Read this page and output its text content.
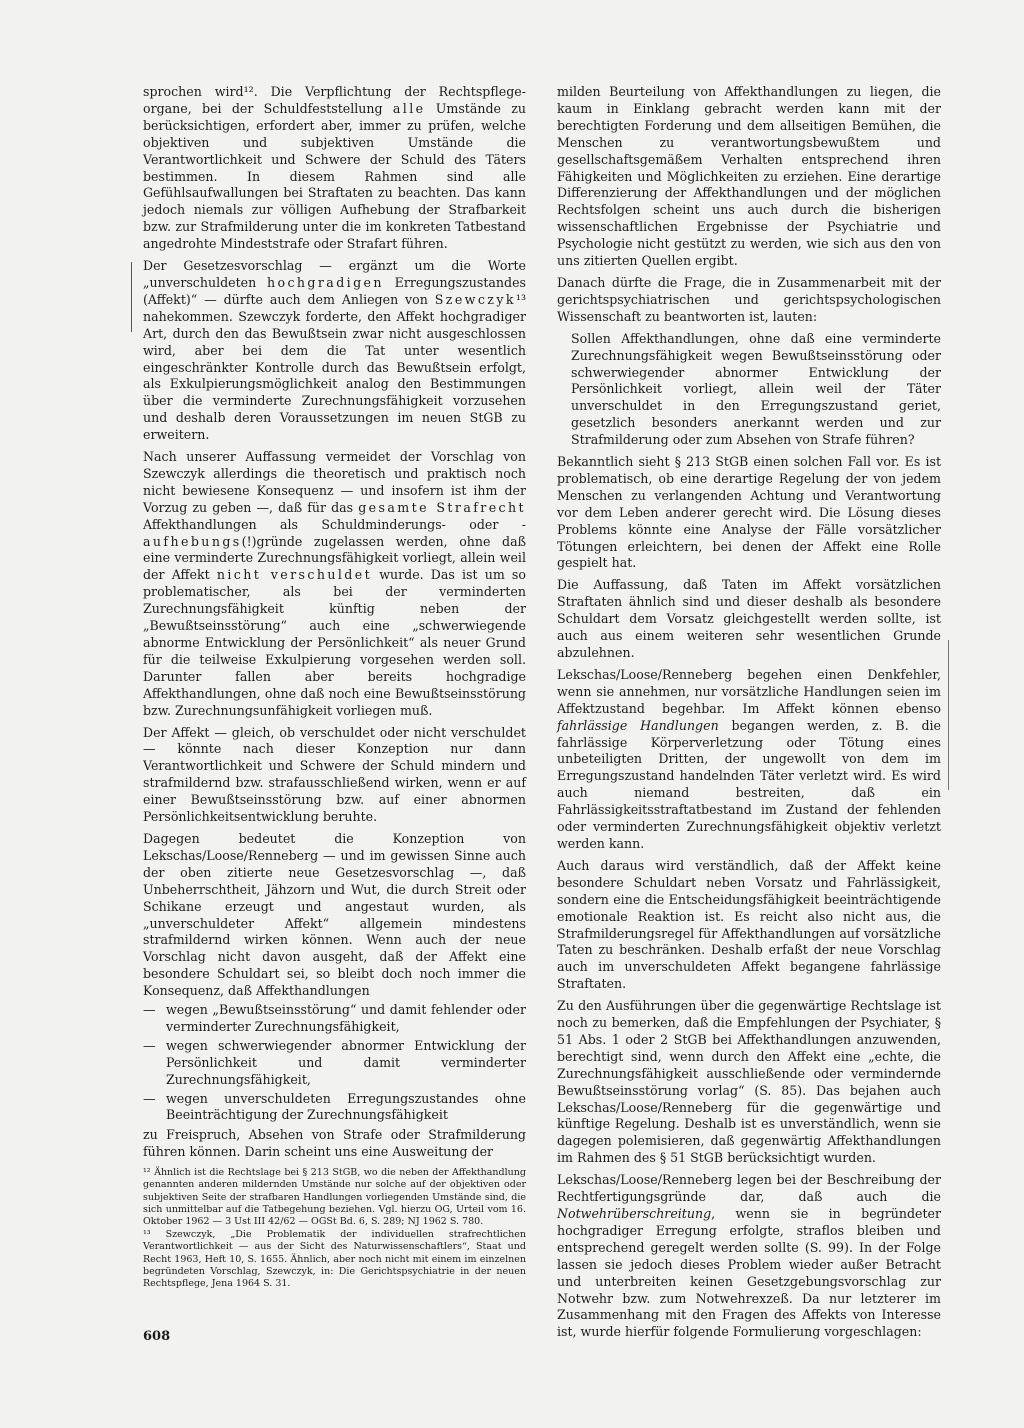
sprochen wird¹². Die Verpflichtung der Rechtspflege-organe, bei der Schuldfeststellung alle Umstände zu berücksichtigen, erfordert aber, immer zu prüfen, welche objektiven und subjektiven Umstände die Verantwortlichkeit und Schwere der Schuld des Täters bestimmen. In diesem Rahmen sind alle Gefühlsaufwallungen bei Straftaten zu beachten. Das kann jedoch niemals zur völligen Aufhebung der Strafbarkeit bzw. zur Strafmilderung unter die im konkreten Tatbestand angedrohte Mindeststrafe oder Strafart führen.

Der Gesetzesvorschlag — ergänzt um die Worte „unverschuldeten hochgradigen Erregungszustandes (Affekt)“ — dürfte auch dem Anliegen von Szewczyk¹³ nahekommen. Szewczyk forderte, den Affekt hochgradiger Art, durch den das Bewußtsein zwar nicht ausgeschlossen wird, aber bei dem die Tat unter wesentlich eingeschränkter Kontrolle durch das Bewußtsein erfolgt, als Exkulpierungsmöglichkeit analog den Bestimmungen über die verminderte Zurechnungsfähigkeit vorzusehen und deshalb deren Voraussetzungen im neuen StGB zu erweitern.

Nach unserer Auffassung vermeidet der Vorschlag von Szewczyk allerdings die theoretisch und praktisch noch nicht bewiesene Konsequenz — und insofern ist ihm der Vorzug zu geben —, daß für das gesamte Strafrecht Affekthandlungen als Schuldminderungs- oder -aufhebungs(!)gründe zugelassen werden, ohne daß eine verminderte Zurechnungsfähigkeit vorliegt, allein weil der Affekt nicht verschuldet wurde. Das ist um so problematischer, als bei der verminderten Zurechnungsfähigkeit künftig neben der „Bewußtseinsstörung“ auch eine „schwerwiegende abnorme Entwicklung der Persönlichkeit“ als neuer Grund für die teilweise Exkulpierung vorgesehen werden soll. Darunter fallen aber bereits hochgradige Affekthandlungen, ohne daß noch eine Bewußtseinsstörung bzw. Zurechnungsunfähigkeit vorliegen muß.

Der Affekt — gleich, ob verschuldet oder nicht verschuldet — könnte nach dieser Konzeption nur dann Verantwortlichkeit und Schwere der Schuld mindern und strafmildernd bzw. strafausschließend wirken, wenn er auf einer Bewußtseinsstörung bzw. auf einer abnormen Persönlichkeitsentwicklung beruhte.

Dagegen bedeutet die Konzeption von Lekschas/Loose/Renneberg — und im gewissen Sinne auch der oben zitierte neue Gesetzesvorschlag —, daß Unbeherrschtheit, Jähzorn und Wut, die durch Streit oder Schikane erzeugt und angestaut wurden, als „unverschuldeter Affekt“ allgemein mindestens strafmildernd wirken können. Wenn auch der neue Vorschlag nicht davon ausgeht, daß der Affekt eine besondere Schuldart sei, so bleibt doch noch immer die Konsequenz, daß Affekthandlungen

— wegen „Bewußtseinsstörung“ und damit fehlender oder verminderter Zurechnungsfähigkeit,
— wegen schwerwiegender abnormer Entwicklung der Persönlichkeit und damit verminderter Zurechnungsfähigkeit,
— wegen unverschuldeten Erregungszustandes ohne Beeinträchtigung der Zurechnungsfähigkeit

zu Freispruch, Absehen von Strafe oder Strafmilderung führen können. Darin scheint uns eine Ausweitung der

¹² Ähnlich ist die Rechtslage bei § 213 StGB, wo die neben der Affekthandlung genannten anderen mildernden Umstände nur solche auf der objektiven oder subjektiven Seite der strafbaren Handlungen vorliegenden Umstände sind, die sich unmittelbar auf die Tatbegehung beziehen. Vgl. hierzu OG, Urteil vom 16. Oktober 1962 — 3 Ust III 42/62 — OGSt Bd. 6, S. 289; NJ 1962 S. 780.

¹³ Szewczyk, „Die Problematik der individuellen strafrechtlichen Verantwortlichkeit — aus der Sicht des Naturwissenschaftlers“, Staat und Recht 1963, Heft 10, S. 1655. Ähnlich, aber noch nicht mit einem im einzelnen begründeten Vorschlag, Szewczyk, in: Die Gerichtspsychiatrie in der neuen Rechtspflege, Jena 1964 S. 31.

milden Beurteilung von Affekthandlungen zu liegen, die kaum in Einklang gebracht werden kann mit der berechtigten Forderung und dem allseitigen Bemühen, die Menschen zu verantwortungsbewußtem und gesellschaftsgemäßem Verhalten entsprechend ihren Fähigkeiten und Möglichkeiten zu erziehen. Eine derartige Differenzierung der Affekthandlungen und der möglichen Rechtsfolgen scheint uns auch durch die bisherigen wissenschaftlichen Ergebnisse der Psychiatrie und Psychologie nicht gestützt zu werden, wie sich aus den von uns zitierten Quellen ergibt.

Danach dürfte die Frage, die in Zusammenarbeit mit der gerichtspsychiatrischen und gerichtspsychologischen Wissenschaft zu beantworten ist, lauten:

Sollen Affekthandlungen, ohne daß eine verminderte Zurechnungsfähigkeit wegen Bewußtseinsstörung oder schwerwiegender abnormer Entwicklung der Persönlichkeit vorliegt, allein weil der Täter unverschuldet in den Erregungszustand geriet, gesetzlich besonders anerkannt werden und zur Strafmilderung oder zum Absehen von Strafe führen?

Bekanntlich sieht § 213 StGB einen solchen Fall vor. Es ist problematisch, ob eine derartige Regelung der von jedem Menschen zu verlangenden Achtung und Verantwortung vor dem Leben anderer gerecht wird. Die Lösung dieses Problems könnte eine Analyse der Fälle vorsätzlicher Tötungen erleichtern, bei denen der Affekt eine Rolle gespielt hat.

Die Auffassung, daß Taten im Affekt vorsätzlichen Straftaten ähnlich sind und dieser deshalb als besondere Schuldart dem Vorsatz gleichgestellt werden sollte, ist auch aus einem weiteren sehr wesentlichen Grunde abzulehnen.

Lekschas/Loose/Renneberg begehen einen Denkfehler, wenn sie annehmen, nur vorsätzliche Handlungen seien im Affektzustand begehbar. Im Affekt können ebenso fahrlässige Handlungen begangen werden, z. B. die fahrlässige Körperverletzung oder Tötung eines unbeteiligten Dritten, der ungewollt von dem im Erregungszustand handelnden Täter verletzt wird. Es wird auch niemand bestreiten, daß ein Fahrlässigkeitsstraftatbestand im Zustand der fehlenden oder verminderten Zurechnungsfähigkeit objektiv verletzt werden kann.

Auch daraus wird verständlich, daß der Affekt keine besondere Schuldart neben Vorsatz und Fahrlässigkeit, sondern eine die Entscheidungsfähigkeit beeinträchtigende emotionale Reaktion ist. Es reicht also nicht aus, die Strafmilderungsregel für Affekthandlungen auf vorsätzliche Taten zu beschränken. Deshalb erfaßt der neue Vorschlag auch im unverschuldeten Affekt begangene fahrlässige Straftaten.

Zu den Ausführungen über die gegenwärtige Rechtslage ist noch zu bemerken, daß die Empfehlungen der Psychiater, § 51 Abs. 1 oder 2 StGB bei Affekthandlungen anzuwenden, berechtigt sind, wenn durch den Affekt eine „echte, die Zurechnungsfähigkeit ausschließende oder vermindernde Bewußtseinsstörung vorlag“ (S. 85). Das bejahen auch Lekschas/Loose/Renneberg für die gegenwärtige und künftige Regelung. Deshalb ist es unverständlich, wenn sie dagegen polemisieren, daß gegenwärtig Affekthandlungen im Rahmen des § 51 StGB berücksichtigt wurden.

Lekschas/Loose/Renneberg legen bei der Beschreibung der Rechtfertigungsgründe dar, daß auch die Notwehrüberschreitung, wenn sie in begründeter hochgradiger Erregung erfolgte, straflos bleiben und entsprechend geregelt werden sollte (S. 99). In der Folge lassen sie jedoch dieses Problem wieder außer Betracht und unterbreiten keinen Gesetzgebungsvorschlag zur Notwehr bzw. zum Notwehrexzeß. Da nur letzterer im Zusammenhang mit den Fragen des Affekts von Interesse ist, wurde hierfür folgende Formulierung vorgeschlagen:

608
